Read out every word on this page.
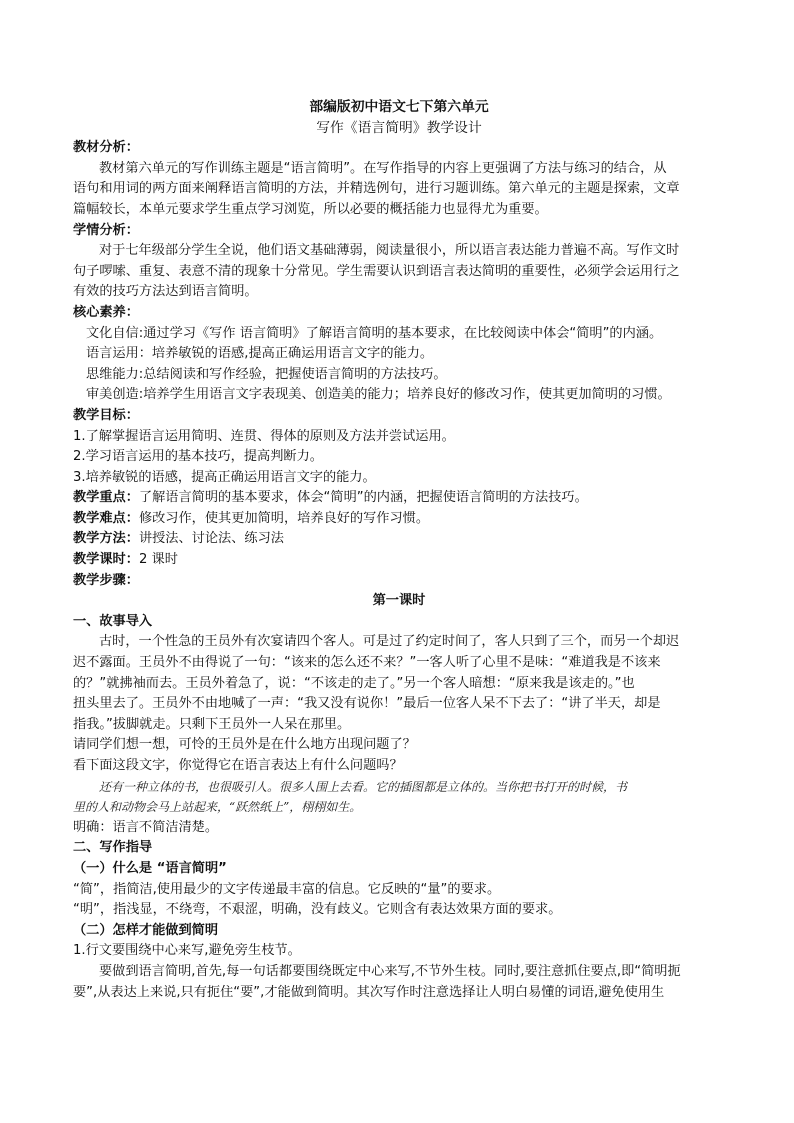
部编版初中语文七下第六单元
写作《语言简明》教学设计
教材分析：
教材第六单元的写作训练主题是“语言简明”。在写作指导的内容上更强调了方法与练习的结合，从
语句和用词的两方面来阐释语言简明的方法，并精选例句，进行习题训练。第六单元的主题是探索，文章
篇幅较长，本单元要求学生重点学习浏览，所以必要的概括能力也显得尤为重要。
学情分析：
对于七年级部分学生全说，他们语文基础薄弱，阅读量很小，所以语言表达能力普遍不高。写作文时
句子啰嗦、重复、表意不清的现象十分常见。学生需要认识到语言表达简明的重要性，必须学会运用行之
有效的技巧方法达到语言简明。
核心素养：
文化自信:通过学习《写作 语言简明》了解语言简明的基本要求，在比较阅读中体会“简明”的内涵。
语言运用：培养敏锐的语感,提高正确运用语言文字的能力。
思维能力:总结阅读和写作经验，把握使语言简明的方法技巧。
审美创造:培养学生用语言文字表现美、创造美的能力；培养良好的修改习作，使其更加简明的习惯。
教学目标：
1.了解掌握语言运用简明、连贯、得体的原则及方法并尝试运用。
2.学习语言运用的基本技巧，提高判断力。
3.培养敏锐的语感，提高正确运用语言文字的能力。
教学重点：了解语言简明的基本要求，体会“简明”的内涵，把握使语言简明的方法技巧。
教学难点：修改习作，使其更加简明，培养良好的写作习惯。
教学方法：讲授法、讨论法、练习法
教学课时：2 课时
教学步骤：
第一课时
一、故事导入
古时，一个性急的王员外有次宴请四个客人。可是过了约定时间了，客人只到了三个，而另一个却迟
迟不露面。王员外不由得说了一句：“该来的怎么还不来？”一客人听了心里不是味：“难道我是不该来
的？”就拂袖而去。王员外着急了，说：“不该走的走了。”另一个客人暗想：“原来我是该走的。”也
扭头里去了。王员外不由地喊了一声：“我又没有说你！”最后一位客人呆不下去了：“讲了半天，却是
指我。”拔脚就走。只剩下王员外一人呆在那里。
请同学们想一想，可怜的王员外是在什么地方出现问题了？
看下面这段文字，你觉得它在语言表达上有什么问题吗？
还有一种立体的书，也很吸引人。很多人围上去看。它的插图都是立体的。当你把书打开的时候，书
里的人和动物会马上站起来，“跃然纸上”，栩栩如生。
明确：语言不简洁清楚。
二、写作指导
（一）什么是 “语言简明”
“简”，指简洁,使用最少的文字传递最丰富的信息。它反映的“量”的要求。
“明”，指浅显，不绕弯，不艰涩，明确，没有歧义。它则含有表达效果方面的要求。
（二）怎样才能做到简明
1.行文要围绕中心来写,避免旁生枝节。
要做到语言简明,首先,每一句话都要围绕既定中心来写,不节外生枝。同时,要注意抓住要点,即“简明扼
要”,从表达上来说,只有扼住“要”,才能做到简明。其次写作时注意选择让人明白易懂的词语,避免使用生
